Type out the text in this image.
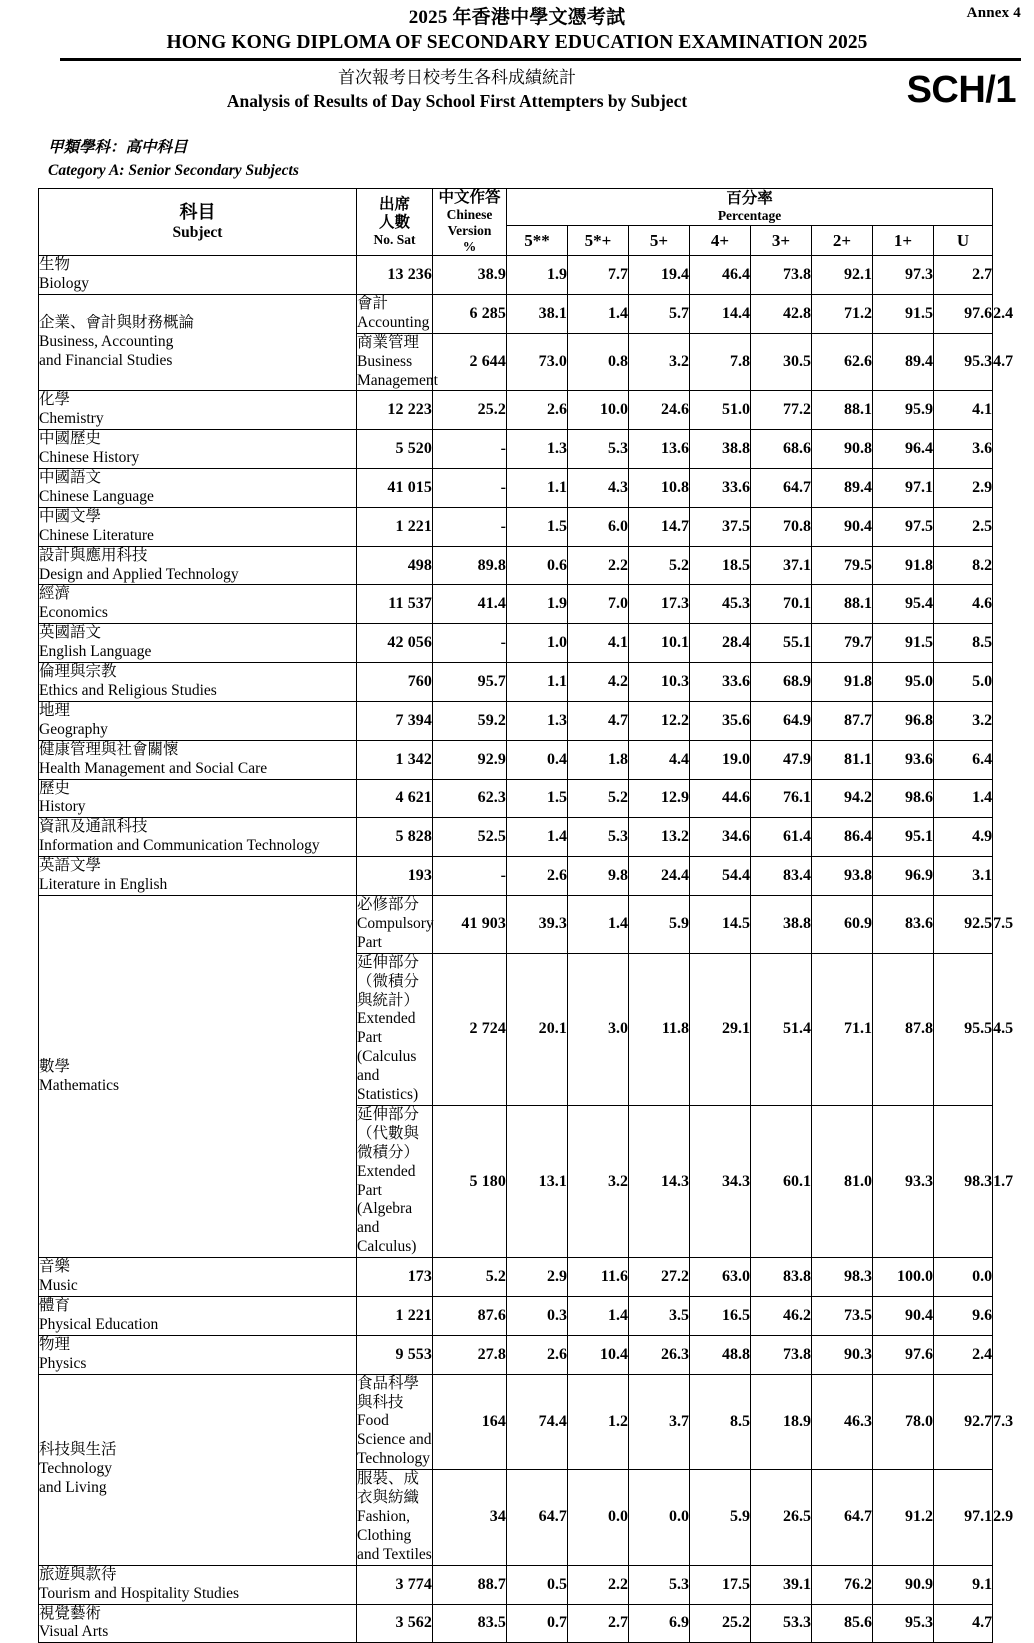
Annex 4
2025 年香港中學文憑考試
HONG KONG DIPLOMA OF SECONDARY EDUCATION EXAMINATION 2025
首次報考日校考生各科成績統計
Analysis of Results of Day School First Attempters by Subject	SCH/1
甲類學科：高中科目
Category A: Senior Secondary Subjects
科目
Subject

出席
人數
No. Sat

中文作答
Chinese
Version
%

百分率
Percentage

			5**	5*+	5+	4+	3+	2+	1+	U	

生物
Biology	13 236	38.9	1.9	7.7	19.4	46.4	73.8	92.1	97.3	2.7	

企業、會計與財務概論
Business, Accounting
and Financial Studies

會計
Accounting
	6 285	38.1	1.4	5.7	14.4	42.8	71.2	91.5	97.6	2.4

	商業管理
Business Management	2 644	73.0	0.8	3.2	7.8	30.5	62.6	89.4	95.3	4.7

化學
Chemistry	12 223	25.2	2.6	10.0	24.6	51.0	77.2	88.1	95.9	4.1	

中國歷史
Chinese History	5 520	-	1.3	5.3	13.6	38.8	68.6	90.8	96.4	3.6	

中國語文
Chinese Language	41 015	-	1.1	4.3	10.8	33.6	64.7	89.4	97.1	2.9	

中國文學
Chinese Literature	1 221	-	1.5	6.0	14.7	37.5	70.8	90.4	97.5	2.5	

設計與應用科技
Design and Applied Technology	498	89.8	0.6	2.2	5.2	18.5	37.1	79.5	91.8	8.2	

經濟
Economics	11 537	41.4	1.9	7.0	17.3	45.3	70.1	88.1	95.4	4.6	

英國語文
English Language	42 056	-	1.0	4.1	10.1	28.4	55.1	79.7	91.5	8.5	

倫理與宗教
Ethics and Religious Studies	760	95.7	1.1	4.2	10.3	33.6	68.9	91.8	95.0	5.0	

地理
Geography	7 394	59.2	1.3	4.7	12.2	35.6	64.9	87.7	96.8	3.2	

健康管理與社會關懷
Health Management and Social Care	1 342	92.9	0.4	1.8	4.4	19.0	47.9	81.1	93.6	6.4	

歷史
History	4 621	62.3	1.5	5.2	12.9	44.6	76.1	94.2	98.6	1.4	

資訊及通訊科技
Information and Communication Technology	5 828	52.5	1.4	5.3	13.2	34.6	61.4	86.4	95.1	4.9	

英語文學
Literature in English	193	-	2.6	9.8	24.4	54.4	83.4	93.8	96.9	3.1	

數學
Mathematics

必修部分
Compulsory Part
	41 903	39.3	1.4	5.9	14.5	38.8	60.9	83.6	92.5	7.5

	延伸部分（微積分與統計）
Extended Part
(Calculus and Statistics)	2 724	20.1	3.0	11.8	29.1	51.4	71.1	87.8	95.5	4.5

	延伸部分（代數與微積分）
Extended Part
(Algebra and Calculus)	5 180	13.1	3.2	14.3	34.3	60.1	81.0	93.3	98.3	1.7

音樂
Music	173	5.2	2.9	11.6	27.2	63.0	83.8	98.3	100.0	0.0	

體育
Physical Education	1 221	87.6	0.3	1.4	3.5	16.5	46.2	73.5	90.4	9.6	

物理
Physics	9 553	27.8	2.6	10.4	26.3	48.8	73.8	90.3	97.6	2.4	

科技與生活
Technology
and Living

食品科學與科技
Food Science and Technology
	164	74.4	1.2	3.7	8.5	18.9	46.3	78.0	92.7	7.3

	服裝、成衣與紡織
Fashion, Clothing and Textiles	34	64.7	0.0	0.0	5.9	26.5	64.7	91.2	97.1	2.9

旅遊與款待
Tourism and Hospitality Studies	3 774	88.7	0.5	2.2	5.3	17.5	39.1	76.2	90.9	9.1	

視覺藝術
Visual Arts	3 562	83.5	0.7	2.7	6.9	25.2	53.3	85.6	95.3	4.7	
